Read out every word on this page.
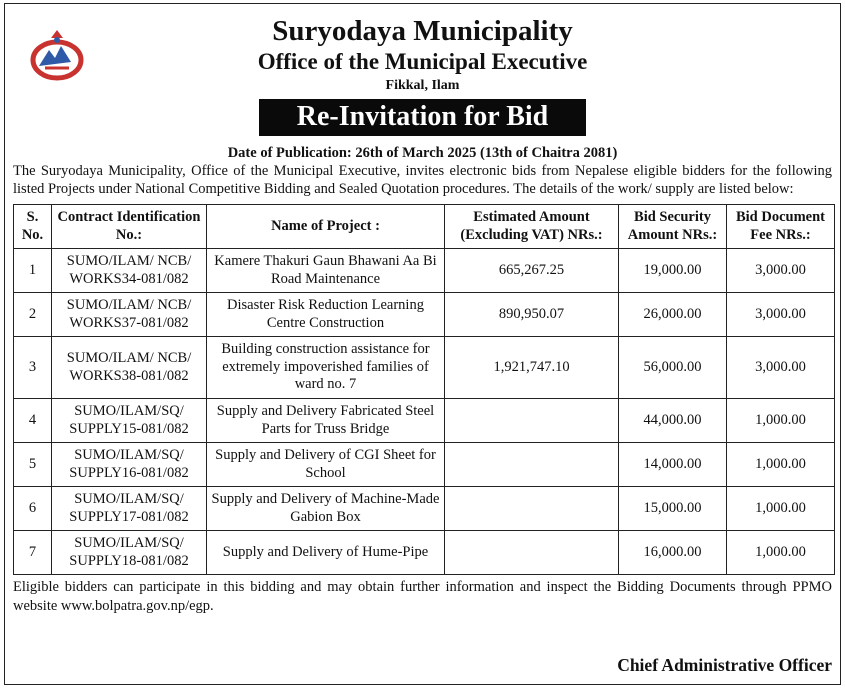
Suryodaya Municipality
Office of the Municipal Executive
Fikkal, Ilam
Re-Invitation for Bid
Date of Publication: 26th of March 2025 (13th of Chaitra 2081)
The Suryodaya Municipality, Office of the Municipal Executive, invites electronic bids from Nepalese eligible bidders for the following listed Projects under National Competitive Bidding and Sealed Quotation procedures. The details of the work/ supply are listed below:
S. No.	Contract Identification No.:	Name of Project :	Estimated Amount (Excluding VAT) NRs.:	Bid Security Amount NRs.:	Bid Document Fee NRs.:
1	SUMO/ILAM/ NCB/ WORKS34-081/082	Kamere Thakuri Gaun Bhawani Aa Bi Road Maintenance	665,267.25	19,000.00	3,000.00
2	SUMO/ILAM/ NCB/ WORKS37-081/082	Disaster Risk Reduction Learning Centre Construction	890,950.07	26,000.00	3,000.00
3	SUMO/ILAM/ NCB/ WORKS38-081/082	Building construction assistance for extremely impoverished families of ward no. 7	1,921,747.10	56,000.00	3,000.00
4	SUMO/ILAM/SQ/ SUPPLY15-081/082	Supply and Delivery Fabricated Steel Parts for Truss Bridge		44,000.00	1,000.00
5	SUMO/ILAM/SQ/ SUPPLY16-081/082	Supply and Delivery of CGI Sheet for School		14,000.00	1,000.00
6	SUMO/ILAM/SQ/ SUPPLY17-081/082	Supply and Delivery of Machine-Made Gabion Box		15,000.00	1,000.00
7	SUMO/ILAM/SQ/ SUPPLY18-081/082	Supply and Delivery of Hume-Pipe		16,000.00	1,000.00
Eligible bidders can participate in this bidding and may obtain further information and inspect the Bidding Documents through PPMO website www.bolpatra.gov.np/egp.
Chief Administrative Officer
